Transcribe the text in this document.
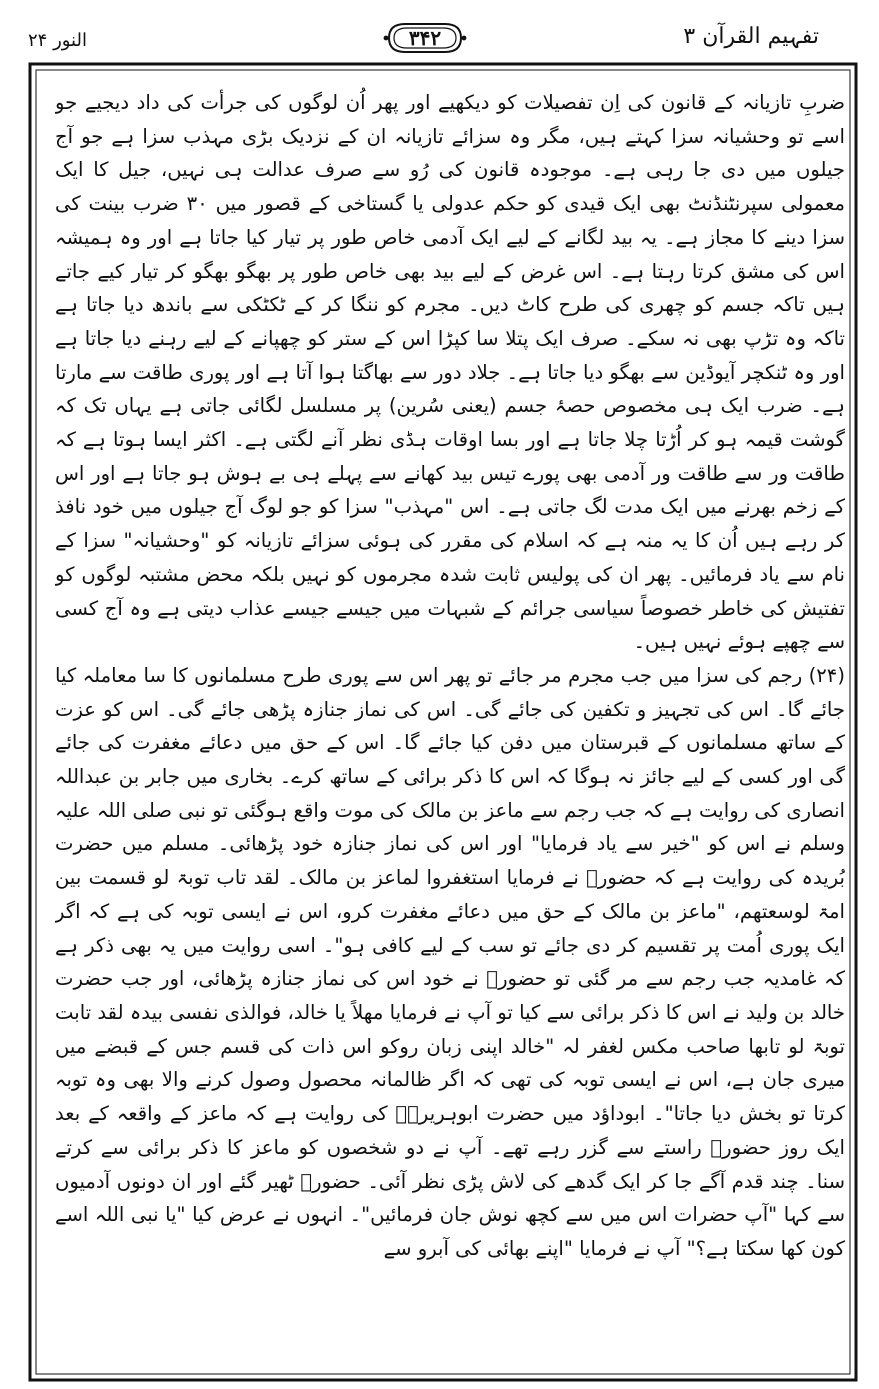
تفہیم القرآن ۳
۳۴۲
النور ۲۴

ضربِ تازیانہ کے قانون کی اِن تفصیلات کو دیکھیے اور پھر اُن لوگوں کی جرأت کی داد دیجیے جو اسے تو وحشیانہ سزا کہتے ہیں، مگر وہ سزائے تازیانہ ان کے نزدیک بڑی مہذب سزا ہے جو آج جیلوں میں دی جا رہی ہے۔ موجودہ قانون کی رُو سے صرف عدالت ہی نہیں، جیل کا ایک معمولی سپرنٹنڈنٹ بھی ایک قیدی کو حکم عدولی یا گستاخی کے قصور میں ۳۰ ضرب بینت کی سزا دینے کا مجاز ہے۔ یہ بید لگانے کے لیے ایک آدمی خاص طور پر تیار کیا جاتا ہے اور وہ ہمیشہ اس کی مشق کرتا رہتا ہے۔ اس غرض کے لیے بید بھی خاص طور پر بھگو بھگو کر تیار کیے جاتے ہیں تاکہ جسم کو چھری کی طرح کاٹ دیں۔ مجرم کو ننگا کر کے ٹکٹکی سے باندھ دیا جاتا ہے تاکہ وہ تڑپ بھی نہ سکے۔ صرف ایک پتلا سا کپڑا اس کے ستر کو چھپانے کے لیے رہنے دیا جاتا ہے اور وہ ٹنکچر آیوڈین سے بھگو دیا جاتا ہے۔ جلاد دور سے بھاگتا ہوا آتا ہے اور پوری طاقت سے مارتا ہے۔ ضرب ایک ہی مخصوص حصۂ جسم (یعنی سُرین) پر مسلسل لگائی جاتی ہے یہاں تک کہ گوشت قیمہ ہو کر اُڑتا چلا جاتا ہے اور بسا اوقات ہڈی نظر آنے لگتی ہے۔ اکثر ایسا ہوتا ہے کہ طاقت ور سے طاقت ور آدمی بھی پورے تیس بید کھانے سے پہلے ہی بے ہوش ہو جاتا ہے اور اس کے زخم بھرنے میں ایک مدت لگ جاتی ہے۔ اس "مہذب" سزا کو جو لوگ آج جیلوں میں خود نافذ کر رہے ہیں اُن کا یہ منہ ہے کہ اسلام کی مقرر کی ہوئی سزائے تازیانہ کو "وحشیانہ" سزا کے نام سے یاد فرمائیں۔ پھر ان کی پولیس ثابت شدہ مجرموں کو نہیں بلکہ محض مشتبہ لوگوں کو تفتیش کی خاطر خصوصاً سیاسی جرائم کے شبہات میں جیسے جیسے عذاب دیتی ہے وہ آج کسی سے چھپے ہوئے نہیں ہیں۔

(۲۴) رجم کی سزا میں جب مجرم مر جائے تو پھر اس سے پوری طرح مسلمانوں کا سا معاملہ کیا جائے گا۔ اس کی تجہیز و تکفین کی جائے گی۔ اس کی نماز جنازہ پڑھی جائے گی۔ اس کو عزت کے ساتھ مسلمانوں کے قبرستان میں دفن کیا جائے گا۔ اس کے حق میں دعائے مغفرت کی جائے گی اور کسی کے لیے جائز نہ ہوگا کہ اس کا ذکر برائی کے ساتھ کرے۔ بخاری میں جابر بن عبداللہ انصاری کی روایت ہے کہ جب رجم سے ماعز بن مالک کی موت واقع ہوگئی تو نبی صلی اللہ علیہ وسلم نے اس کو "خیر سے یاد فرمایا" اور اس کی نماز جنازہ خود پڑھائی۔ مسلم میں حضرت بُریدہ کی روایت ہے کہ حضورؐ نے فرمایا استغفروا لماعز بن مالک۔ لقد تاب توبۃ لو قسمت بین امۃ لوسعتھم، "ماعز بن مالک کے حق میں دعائے مغفرت کرو، اس نے ایسی توبہ کی ہے کہ اگر ایک پوری اُمت پر تقسیم کر دی جائے تو سب کے لیے کافی ہو"۔ اسی روایت میں یہ بھی ذکر ہے کہ غامدیہ جب رجم سے مر گئی تو حضورؐ نے خود اس کی نماز جنازہ پڑھائی، اور جب حضرت خالد بن ولید نے اس کا ذکر برائی سے کیا تو آپ نے فرمایا مھلاً یا خالد، فوالذی نفسی بیدہ لقد تابت توبۃ لو تابھا صاحب مکس لغفر لہ "خالد اپنی زبان روکو اس ذات کی قسم جس کے قبضے میں میری جان ہے، اس نے ایسی توبہ کی تھی کہ اگر ظالمانہ محصول وصول کرنے والا بھی وہ توبہ کرتا تو بخش دیا جاتا"۔ ابوداؤد میں حضرت ابوہریرہؓ کی روایت ہے کہ ماعز کے واقعہ کے بعد ایک روز حضورؐ راستے سے گزر رہے تھے۔ آپ نے دو شخصوں کو ماعز کا ذکر برائی سے کرتے سنا۔ چند قدم آگے جا کر ایک گدھے کی لاش پڑی نظر آئی۔ حضورؐ ٹھیر گئے اور ان دونوں آدمیوں سے کہا "آپ حضرات اس میں سے کچھ نوش جان فرمائیں"۔ انہوں نے عرض کیا "یا نبی اللہ اسے کون کھا سکتا ہے؟" آپ نے فرمایا "اپنے بھائی کی آبرو سے
